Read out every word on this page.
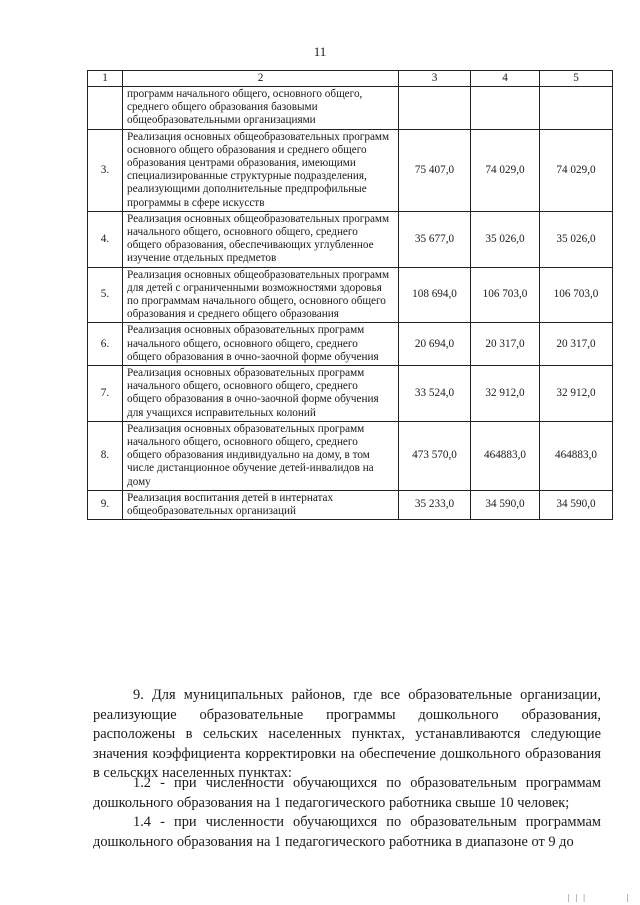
11
1	2	3	4	5
	программ начального общего, основного общего, среднего общего образования базовыми общеобразовательными организациями			
3.	Реализация основных общеобразовательных программ основного общего образования и среднего общего образования центрами образования, имеющими специализированные структурные подразделения, реализующими дополнительные предпрофильные программы в сфере искусств	75 407,0	74 029,0	74 029,0
4.	Реализация основных общеобразовательных программ начального общего, основного общего, среднего общего образования, обеспечивающих углубленное изучение отдельных предметов	35 677,0	35 026,0	35 026,0
5.	Реализация основных общеобразовательных программ для детей с ограниченными возможностями здоровья по программам начального общего, основного общего образования и среднего общего образования	108 694,0	106 703,0	106 703,0
6.	Реализация основных образовательных программ начального общего, основного общего, среднего общего образования в очно-заочной форме обучения	20 694,0	20 317,0	20 317,0
7.	Реализация основных образовательных программ начального общего, основного общего, среднего общего образования в очно-заочной форме обучения для учащихся исправительных колоний	33 524,0	32 912,0	32 912,0
8.	Реализация основных образовательных программ начального общего, основного общего, среднего общего образования индивидуально на дому, в том числе дистанционное обучение детей-инвалидов на дому	473 570,0	464883,0	464883,0
9.	Реализация воспитания детей в интернатах общеобразовательных организаций	35 233,0	34 590,0	34 590,0
9. Для муниципальных районов, где все образовательные организации, реализующие образовательные программы дошкольного образования, расположены в сельских населенных пунктах, устанавливаются следующие значения коэффициента корректировки на обеспечение дошкольного образования в сельских населенных пунктах:
1.2 - при численности обучающихся по образовательным программам дошкольного образования на 1 педагогического работника свыше 10 человек;
1.4 - при численности обучающихся по образовательным программам дошкольного образования на 1 педагогического работника в диапазоне от 9 до
| | |	|
